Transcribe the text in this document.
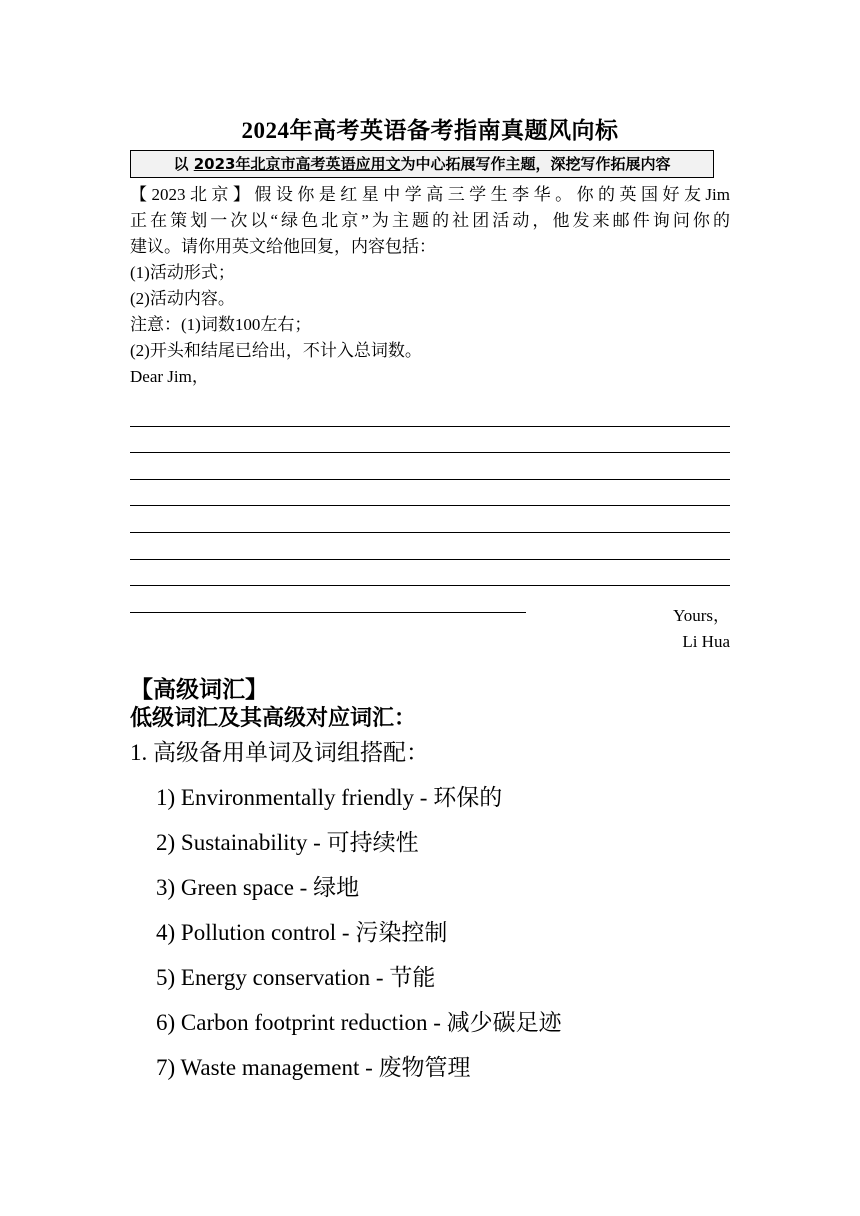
2024年高考英语备考指南真题风向标
以 2023年北京市高考英语应用文为中心拓展写作主题，深挖写作拓展内容

【2023北京】假设你是红星中学高三学生李华。你的英国好友Jim

正在策划一次以“绿色北京”为主题的社团活动，他发来邮件询问你的

建议。请你用英文给他回复，内容包括：

(1)活动形式；

(2)活动内容。

注意：(1)词数100左右；

(2)开头和结尾已给出，不计入总词数。

Dear Jim，

Yours，
Li Hua
【高级词汇】
低级词汇及其高级对应词汇：
1. 高级备用单词及词组搭配：
1) Environmentally friendly - 环保的
2) Sustainability - 可持续性
3) Green space - 绿地
4) Pollution control - 污染控制
5) Energy conservation - 节能
6) Carbon footprint reduction - 减少碳足迹
7) Waste management - 废物管理
